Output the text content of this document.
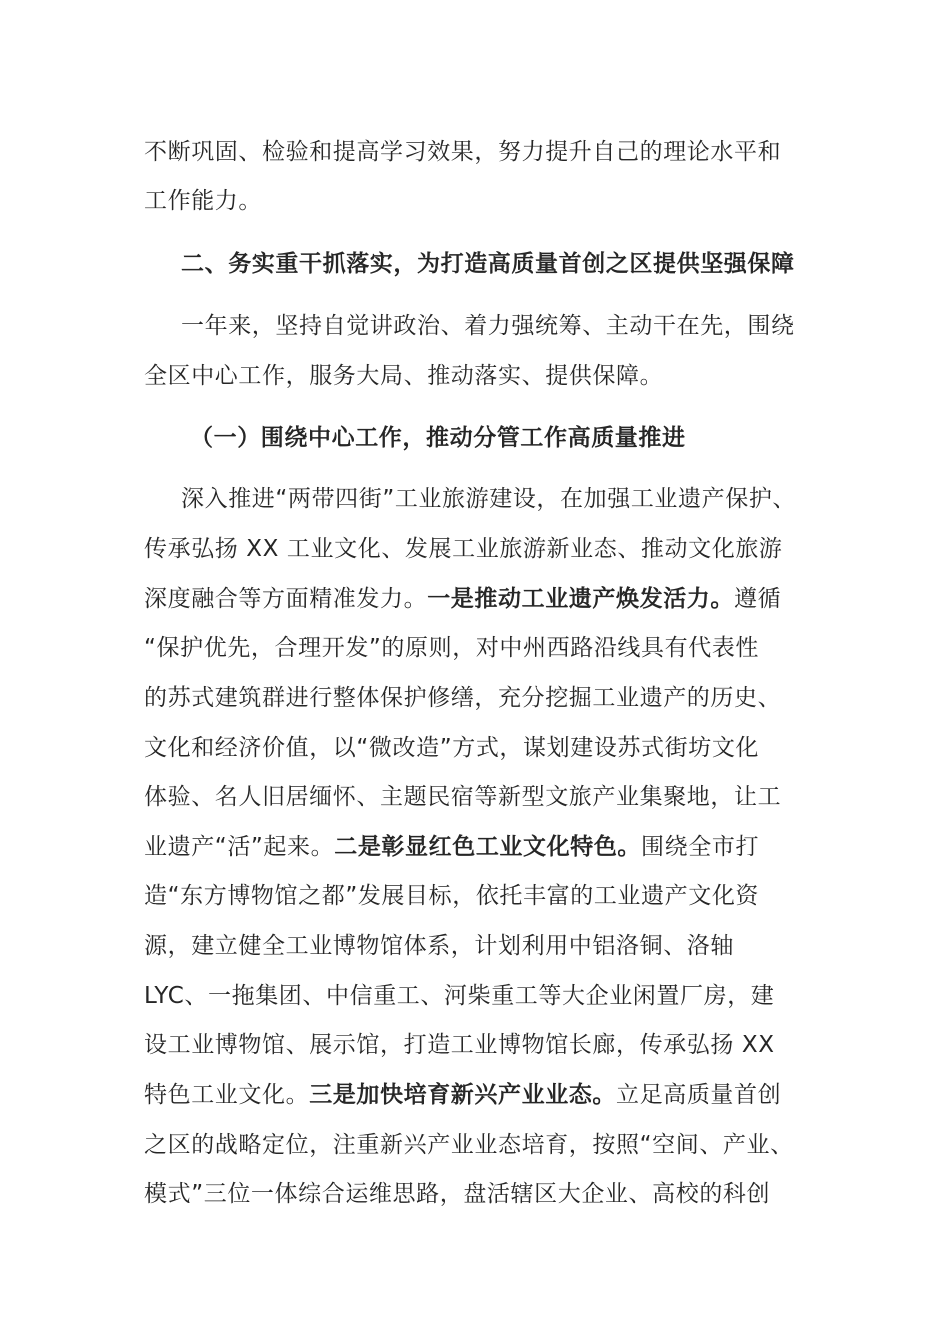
不断巩固、检验和提高学习效果，努力提升自己的理论水平和
工作能力。
二、务实重干抓落实，为打造高质量首创之区提供坚强保障
一年来，坚持自觉讲政治、着力强统筹、主动干在先，围绕
全区中心工作，服务大局、推动落实、提供保障。
（一）围绕中心工作，推动分管工作高质量推进
深入推进“两带四街”工业旅游建设，在加强工业遗产保护、
传承弘扬 XX 工业文化、发展工业旅游新业态、推动文化旅游
深度融合等方面精准发力。一是推动工业遗产焕发活力。遵循
“保护优先，合理开发”的原则，对中州西路沿线具有代表性
的苏式建筑群进行整体保护修缮，充分挖掘工业遗产的历史、
文化和经济价值，以“微改造”方式，谋划建设苏式街坊文化
体验、名人旧居缅怀、主题民宿等新型文旅产业集聚地，让工
业遗产“活”起来。二是彰显红色工业文化特色。围绕全市打
造“东方博物馆之都”发展目标，依托丰富的工业遗产文化资
源，建立健全工业博物馆体系，计划利用中铝洛铜、洛轴
LYC、一拖集团、中信重工、河柴重工等大企业闲置厂房，建
设工业博物馆、展示馆，打造工业博物馆长廊，传承弘扬 XX
特色工业文化。三是加快培育新兴产业业态。立足高质量首创
之区的战略定位，注重新兴产业业态培育，按照“空间、产业、
模式”三位一体综合运维思路，盘活辖区大企业、高校的科创
